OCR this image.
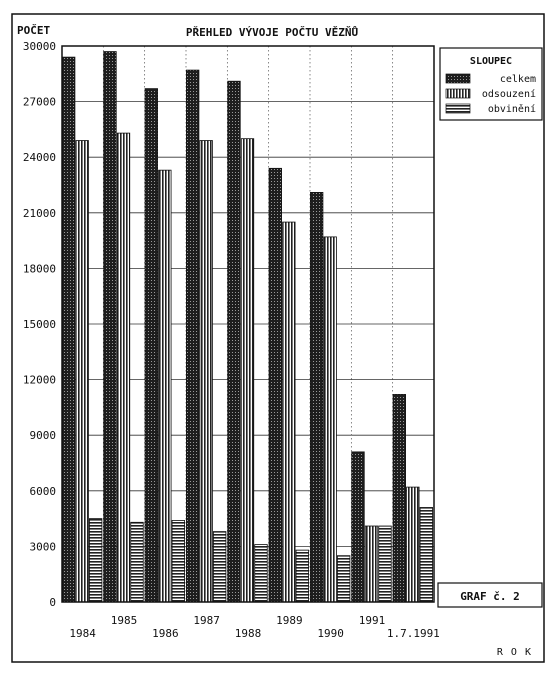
POČET	PŘEHLED VÝVOJE POČTU VĚZŇŮ
0
3000
6000
9000
12000
15000
18000
21000
24000
27000
30000
1984
1985
1986
1987
1988
1989
1990
1991
1.7.1991
SLOUPEC
celkem
odsouzení
obvinění
GRAF č. 2
R O K
